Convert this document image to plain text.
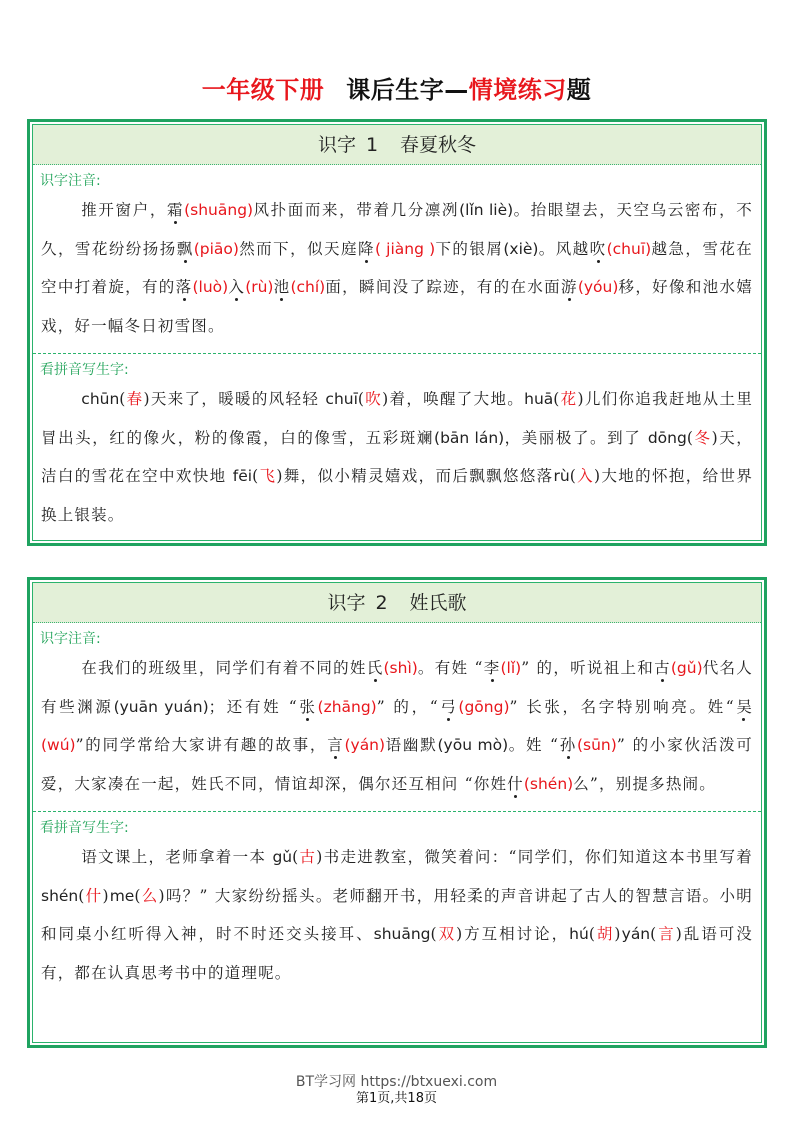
一年级下册 课后生字—情境练习题
识字 1 春夏秋冬
识字注音:
推开窗户，霜(shuāng)风扑面而来，带着几分凛冽(lǐn liè)。抬眼望去，天空乌云密布，不久，雪花纷纷扬扬飘(piāo)然而下，似天庭降( jiàng )下的银屑(xiè)。风越吹(chuī)越急，雪花在空中打着旋，有的落(luò)入(rù)池(chí)面，瞬间没了踪迹，有的在水面游(yóu)移，好像和池水嬉戏，好一幅冬日初雪图。
看拼音写生字:
chūn(春)天来了，暖暖的风轻轻 chuī(吹)着，唤醒了大地。huā(花)儿们你追我赶地从土里冒出头，红的像火，粉的像霞，白的像雪，五彩斑斓(bān lán)，美丽极了。到了 dōng(冬)天，洁白的雪花在空中欢快地 fēi(飞)舞，似小精灵嬉戏，而后飘飘悠悠落rù(入)大地的怀抱，给世界换上银装。
识字 2 姓氏歌
识字注音:
在我们的班级里，同学们有着不同的姓氏(shì)。有姓 “李(lǐ)” 的，听说祖上和古(gǔ)代名人有些渊源(yuān yuán)；还有姓 “张(zhāng)” 的，“弓(gōng)” 长张，名字特别响亮。姓“吴(wú)”的同学常给大家讲有趣的故事，言(yán)语幽默(yōu mò)。姓 “孙(sūn)” 的小家伙活泼可爱，大家凑在一起，姓氏不同，情谊却深，偶尔还互相问 “你姓什(shén)么”，别提多热闹。
看拼音写生字:
语文课上，老师拿着一本 gǔ(古)书走进教室，微笑着问：“同学们，你们知道这本书里写着 shén(什)me(么)吗？” 大家纷纷摇头。老师翻开书，用轻柔的声音讲起了古人的智慧言语。小明和同桌小红听得入神，时不时还交头接耳、shuāng(双)方互相讨论，hú(胡)yán(言)乱语可没有，都在认真思考书中的道理呢。
BT学习网 https://btxuexi.com
第1页,共18页
